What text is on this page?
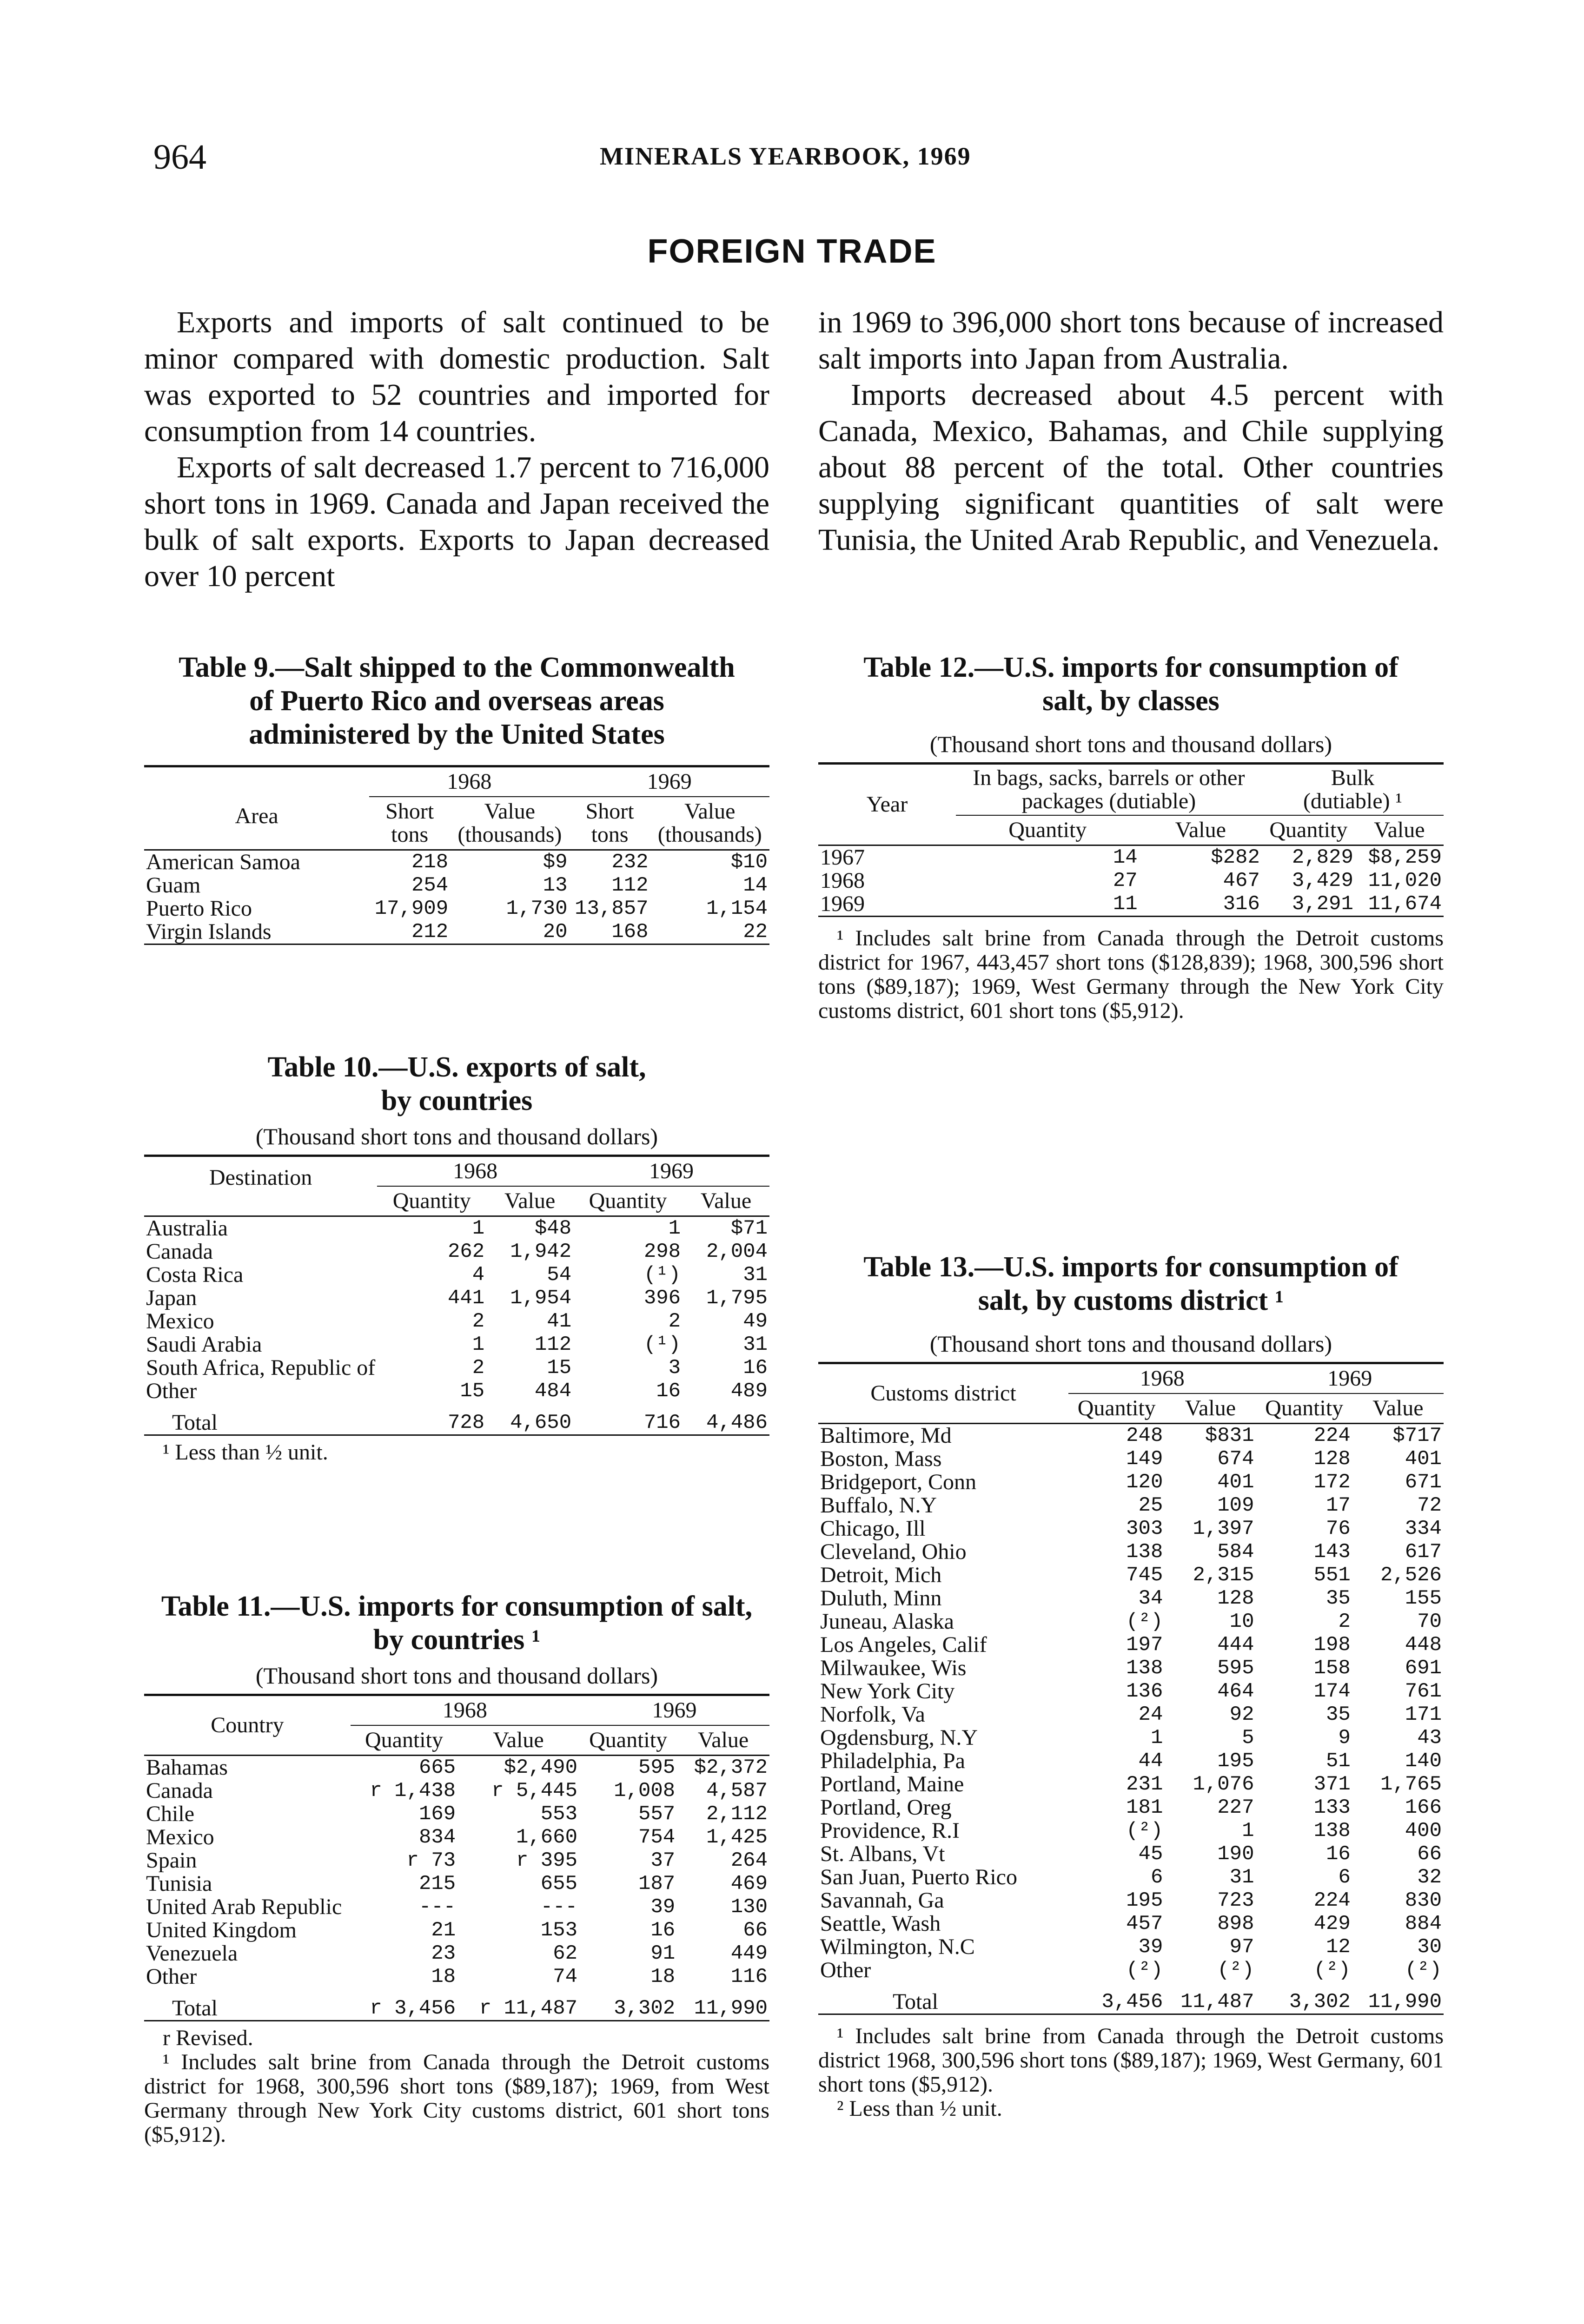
964	MINERALS YEARBOOK, 1969
FOREIGN TRADE

Exports and imports of salt continued to be minor compared with domestic production. Salt was exported to 52 countries and imported for consumption from 14 countries.

Exports of salt decreased 1.7 percent to 716,000 short tons in 1969. Canada and Japan received the bulk of salt exports. Exports to Japan decreased over 10 percent

in 1969 to 396,000 short tons because of increased salt imports into Japan from Australia.

Imports decreased about 4.5 percent with Canada, Mexico, Bahamas, and Chile supplying about 88 percent of the total. Other countries supplying significant quantities of salt were Tunisia, the United Arab Republic, and Venezuela.

Table 9.—Salt shipped to the Commonwealth of Puerto Rico and overseas areas administered by the United States
Area	1968		1969	
	Short tons	Value (thousands)	Short tons	Value (thousands)
American Samoa	218	$9	232	$10
Guam	254	13	112	14
Puerto Rico	17,909	1,730	13,857	1,154
Virgin Islands	212	20	168	22
Table 10.—U.S. exports of salt, by countries
(Thousand short tons and thousand dollars)
Destination	1968		1969	
	Quantity	Value	Quantity	Value
Australia	1	$48	1	$71
Canada	262	1,942	298	2,004
Costa Rica	4	54	(¹)	31
Japan	441	1,954	396	1,795
Mexico	2	41	2	49
Saudi Arabia	1	112	(¹)	31
South Africa, Republic of	2	15	3	16
Other	15	484	16	489
Total	728	4,650	716	4,486

¹ Less than ½ unit.

Table 11.—U.S. imports for consumption of salt, by countries ¹
(Thousand short tons and thousand dollars)
Country	1968		1969	
	Quantity	Value	Quantity	Value
Bahamas	665	$2,490	595	$2,372
Canada	r 1,438	r 5,445	1,008	4,587
Chile	169	553	557	2,112
Mexico	834	1,660	754	1,425
Spain	r 73	r 395	37	264
Tunisia	215	655	187	469
United Arab Republic	---	---	39	130
United Kingdom	21	153	16	66
Venezuela	23	62	91	449
Other	18	74	18	116
Total	r 3,456	r 11,487	3,302	11,990

r Revised.

¹ Includes salt brine from Canada through the Detroit customs district for 1968, 300,596 short tons ($89,187); 1969, from West Germany through New York City customs district, 601 short tons ($5,912).

Table 12.—U.S. imports for consumption of salt, by classes
(Thousand short tons and thousand dollars)
Year	In bags, sacks, barrels or other packages (dutiable)		Bulk (dutiable) ¹	
	Quantity	Value	Quantity	Value
1967	14	$282	2,829	$8,259
1968	27	467	3,429	11,020
1969	11	316	3,291	11,674

¹ Includes salt brine from Canada through the Detroit customs district for 1967, 443,457 short tons ($128,839); 1968, 300,596 short tons ($89,187); 1969, West Germany through the New York City customs district, 601 short tons ($5,912).

Table 13.—U.S. imports for consumption of salt, by customs district ¹
(Thousand short tons and thousand dollars)
Customs district	1968		1969	
	Quantity	Value	Quantity	Value
Baltimore, Md	248	$831	224	$717
Boston, Mass	149	674	128	401
Bridgeport, Conn	120	401	172	671
Buffalo, N.Y	25	109	17	72
Chicago, Ill	303	1,397	76	334
Cleveland, Ohio	138	584	143	617
Detroit, Mich	745	2,315	551	2,526
Duluth, Minn	34	128	35	155
Juneau, Alaska	(²)	10	2	70
Los Angeles, Calif	197	444	198	448
Milwaukee, Wis	138	595	158	691
New York City	136	464	174	761
Norfolk, Va	24	92	35	171
Ogdensburg, N.Y	1	5	9	43
Philadelphia, Pa	44	195	51	140
Portland, Maine	231	1,076	371	1,765
Portland, Oreg	181	227	133	166
Providence, R.I	(²)	1	138	400
St. Albans, Vt	45	190	16	66
San Juan, Puerto Rico	6	31	6	32
Savannah, Ga	195	723	224	830
Seattle, Wash	457	898	429	884
Wilmington, N.C	39	97	12	30
Other	(²)	(²)	(²)	(²)
Total	3,456	11,487	3,302	11,990

¹ Includes salt brine from Canada through the Detroit customs district 1968, 300,596 short tons ($89,187); 1969, West Germany, 601 short tons ($5,912).

² Less than ½ unit.
